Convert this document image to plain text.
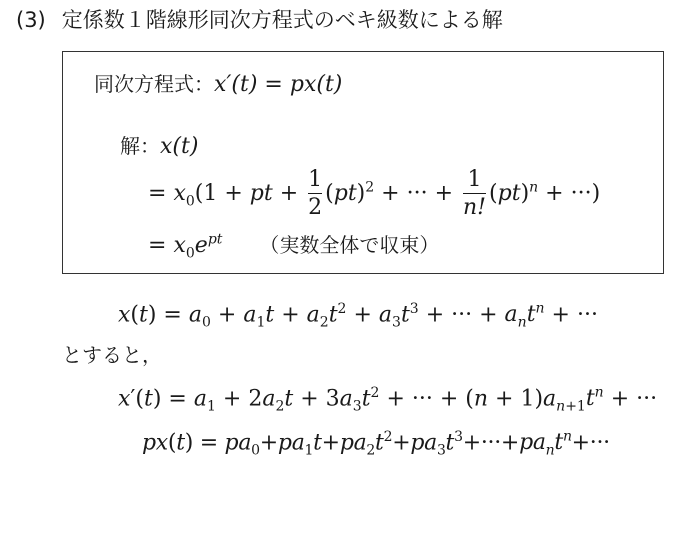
(3) 定係数１階線形同次方程式のベキ級数による解
同次方程式：x′(t) = px(t)
解：x(t)
= $x_0(1$ + pt + $\frac{1}{2} (pt)^2$ + ··· + $\frac{1}{n!} (pt)^n$ + ···)
= $x_0e^{pt}$ （実数全体で収束）
$x(t) = a_0 + a_1t + a_2t^2 + a_3t^3$ + ··· + $a_nt^n$ + ···
とすると，
$x'(t) = a_1 + 2a_2t + 3a_3t^2$ + ··· + $(n + 1)a_{n+1}t^n$ + ···
$px(t) = pa_0+pa_1t+pa_2t^2+pa_3t^3+\cdot\cdot\cdot+pa_nt^n+\cdot\cdot\cdot$
